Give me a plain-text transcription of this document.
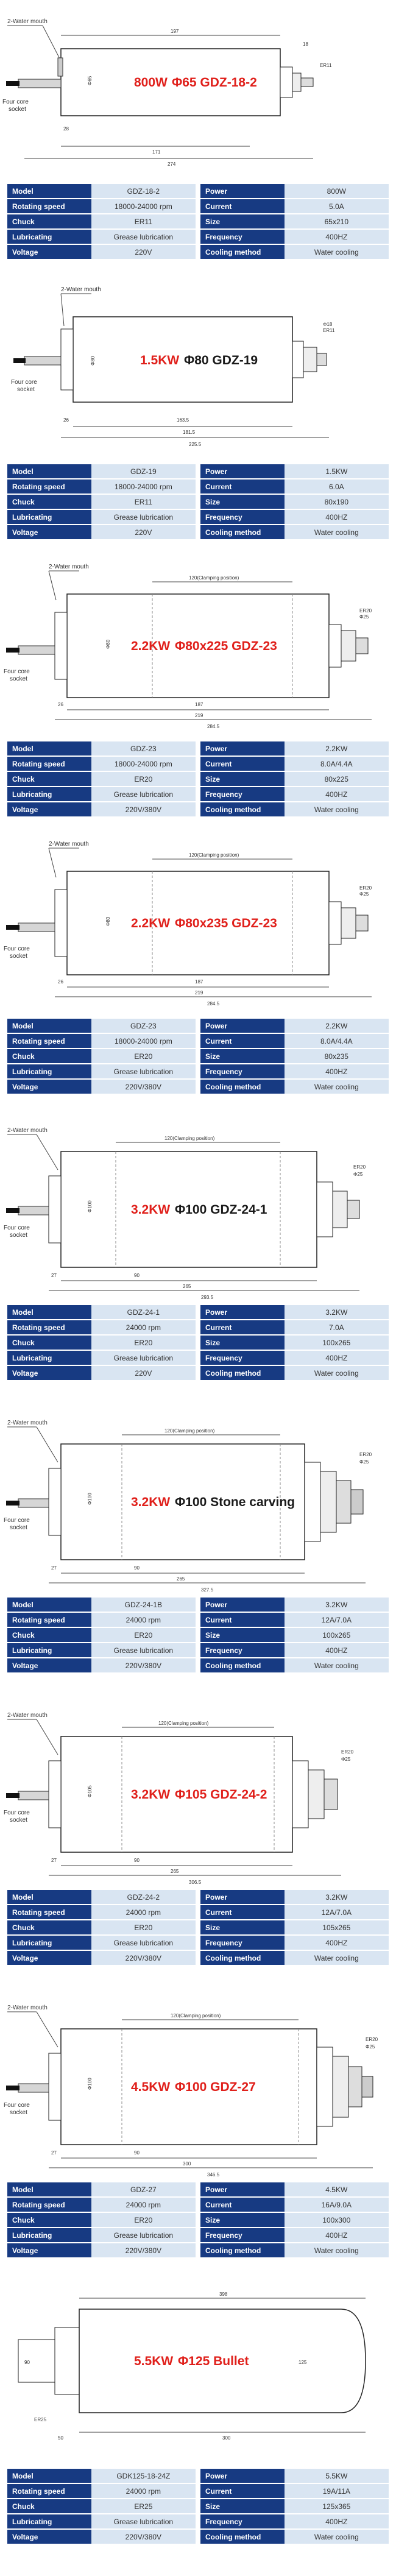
2-Water mouth
Four core
socket
197
274
171
28
Φ65
ER11
18
800W Φ65 GDZ-18-2
Model	GDZ-18-2		Power	800W
Rotating speed	18000-24000 rpm		Current	5.0A
Chuck	ER11		Size	65x210
Lubricating	Grease lubrication		Frequency	400HZ
Voltage	220V		Cooling method	Water cooling
2-Water mouth
Four core
socket
225.5
181.5
26	163.5
Φ80
ER11
Φ18
1.5KW Φ80 GDZ-19
Model	GDZ-19		Power	1.5KW
Rotating speed	18000-24000 rpm		Current	6.0A
Chuck	ER11		Size	80x190
Lubricating	Grease lubrication		Frequency	400HZ
Voltage	220V		Cooling method	Water cooling
2-Water mouth
Four core
socket
120(Clamping position)
284.5
219
26	187
Φ80
ER20
Φ25
2.2KW Φ80x225 GDZ-23
Model	GDZ-23		Power	2.2KW
Rotating speed	18000-24000 rpm		Current	8.0A/4.4A
Chuck	ER20		Size	80x225
Lubricating	Grease lubrication		Frequency	400HZ
Voltage	220V/380V		Cooling method	Water cooling
2-Water mouth
Four core
socket
120(Clamping position)
284.5
219
26	187
Φ80
ER20
Φ25
2.2KW Φ80x235 GDZ-23
Model	GDZ-23		Power	2.2KW
Rotating speed	18000-24000 rpm		Current	8.0A/4.4A
Chuck	ER20		Size	80x235
Lubricating	Grease lubrication		Frequency	400HZ
Voltage	220V/380V		Cooling method	Water cooling
2-Water mouth
Four core
socket
120(Clamping position)
293.5
265
27	90
Φ100
ER20
Φ25
3.2KW Φ100 GDZ-24-1
Model	GDZ-24-1		Power	3.2KW
Rotating speed	24000 rpm		Current	7.0A
Chuck	ER20		Size	100x265
Lubricating	Grease lubrication		Frequency	400HZ
Voltage	220V		Cooling method	Water cooling
2-Water mouth
Four core
socket
120(Clamping position)
327.5
265
27	90
Φ100
ER20
Φ25
3.2KW Φ100 Stone carving
Model	GDZ-24-1B		Power	3.2KW
Rotating speed	24000 rpm		Current	12A/7.0A
Chuck	ER20		Size	100x265
Lubricating	Grease lubrication		Frequency	400HZ
Voltage	220V/380V		Cooling method	Water cooling
2-Water mouth
Four core
socket
120(Clamping position)
306.5
265
27	90
Φ105
ER20
Φ25
3.2KW Φ105 GDZ-24-2
Model	GDZ-24-2		Power	3.2KW
Rotating speed	24000 rpm		Current	12A/7.0A
Chuck	ER20		Size	105x265
Lubricating	Grease lubrication		Frequency	400HZ
Voltage	220V/380V		Cooling method	Water cooling
2-Water mouth
Four core
socket
120(Clamping position)
346.5
300
27	90
Φ100
ER20
Φ25
4.5KW Φ100 GDZ-27
Model	GDZ-27		Power	4.5KW
Rotating speed	24000 rpm		Current	16A/9.0A
Chuck	ER20		Size	100x300
Lubricating	Grease lubrication		Frequency	400HZ
Voltage	220V/380V		Cooling method	Water cooling
398
90	125
300
50
ER25
5.5KW Φ125 Bullet
Model	GDK125-18-24Z		Power	5.5KW
Rotating speed	24000 rpm		Current	19A/11A
Chuck	ER25		Size	125x365
Lubricating	Grease lubrication		Frequency	400HZ
Voltage	220V/380V		Cooling method	Water cooling
